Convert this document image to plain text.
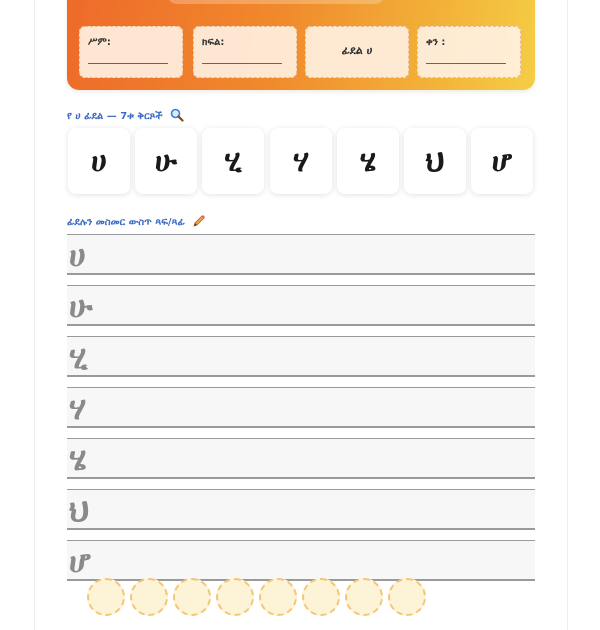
ሥም:	ክፍል:
ፊደል ሀ
ቀን :
የ ሀ ፊደል — 7ቱ ቅርጾች
ሀ ሁ ሂ ሃ ሄ ህ ሆ
ፊደሉን መስመር ውስጥ ጻፍ/ጻፊ
ሀ
ሁ
ሂ
ሃ
ሄ
ህ
ሆ
